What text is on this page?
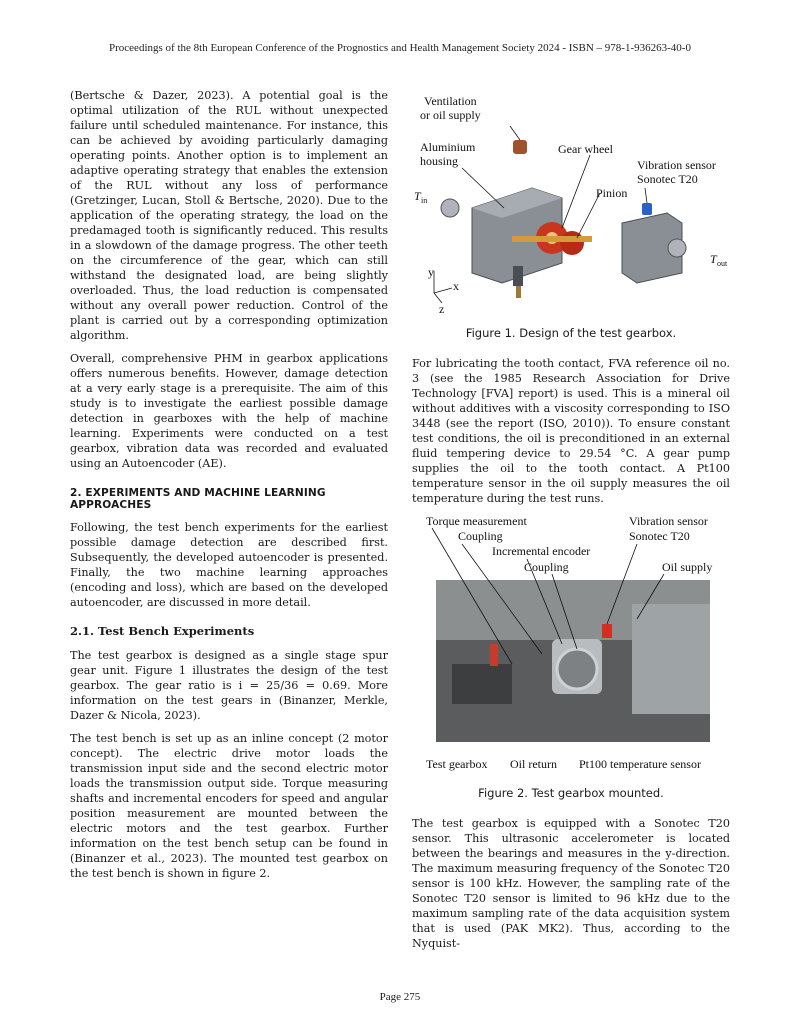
Proceedings of the 8th European Conference of the Prognostics and Health Management Society 2024 - ISBN – 978-1-936263-40-0

(Bertsche & Dazer, 2023). A potential goal is the optimal utilization of the RUL without unexpected failure until scheduled maintenance. For instance, this can be achieved by avoiding particularly damaging operating points. Another option is to implement an adaptive operating strategy that enables the extension of the RUL without any loss of performance (Gretzinger, Lucan, Stoll & Bertsche, 2020). Due to the application of the operating strategy, the load on the predamaged tooth is significantly reduced. This results in a slowdown of the damage progress. The other teeth on the circumference of the gear, which can still withstand the designated load, are being slightly overloaded. Thus, the load reduction is compensated without any overall power reduction. Control of the plant is carried out by a corresponding optimization algorithm.

Overall, comprehensive PHM in gearbox applications offers numerous benefits. However, damage detection at a very early stage is a prerequisite. The aim of this study is to investigate the earliest possible damage detection in gearboxes with the help of machine learning. Experiments were conducted on a test gearbox, vibration data was recorded and evaluated using an Autoencoder (AE).

2. EXPERIMENTS AND MACHINE LEARNING APPROACHES

Following, the test bench experiments for the earliest possible damage detection are described first. Subsequently, the developed autoencoder is presented. Finally, the two machine learning approaches (encoding and loss), which are based on the developed autoencoder, are discussed in more detail.

2.1. Test Bench Experiments

The test gearbox is designed as a single stage spur gear unit. Figure 1 illustrates the design of the test gearbox. The gear ratio is i = 25/36 = 0.69. More information on the test gears in (Binanzer, Merkle, Dazer & Nicola, 2023).

The test bench is set up as an inline concept (2 motor concept). The electric drive motor loads the transmission input side and the second electric motor loads the transmission output side. Torque measuring shafts and incremental encoders for speed and angular position measurement are mounted between the electric motors and the test gearbox. Further information on the test bench setup can be found in (Binanzer et al., 2023). The mounted test gearbox on the test bench is shown in figure 2.

Ventilation
or oil supply
Aluminium
housing
Gear wheel
Vibration sensor
Sonotec T20
Pinion
T in
T out
y
x
z
Figure 1. Design of the test gearbox.

For lubricating the tooth contact, FVA reference oil no. 3 (see the 1985 Research Association for Drive Technology [FVA] report) is used. This is a mineral oil without additives with a viscosity corresponding to ISO 3448 (see the report (ISO, 2010)). To ensure constant test conditions, the oil is preconditioned in an external fluid tempering device to 29.54 °C. A gear pump supplies the oil to the tooth contact. A Pt100 temperature sensor in the oil supply measures the oil temperature during the test runs.

Torque measurement
Coupling
Incremental encoder
Coupling
Vibration sensor
Sonotec T20
Oil supply
Test gearbox Oil return Pt100 temperature sensor
Figure 2. Test gearbox mounted.

The test gearbox is equipped with a Sonotec T20 sensor. This ultrasonic accelerometer is located between the bearings and measures in the y-direction. The maximum measuring frequency of the Sonotec T20 sensor is 100 kHz. However, the sampling rate of the Sonotec T20 sensor is limited to 96 kHz due to the maximum sampling rate of the data acquisition system that is used (PAK MK2). Thus, according to the Nyquist-

Page 275
